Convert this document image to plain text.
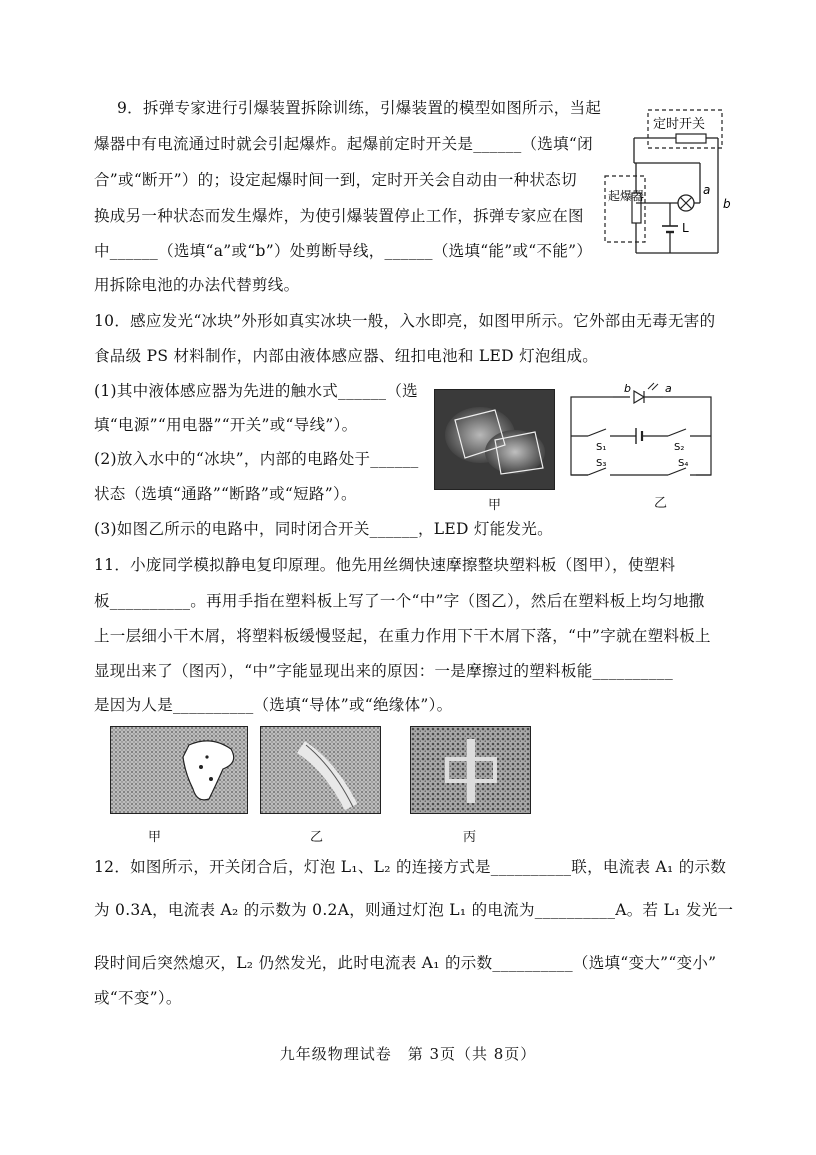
9．拆弹专家进行引爆装置拆除训练，引爆装置的模型如图所示，当起
爆器中有电流通过时就会引起爆炸。起爆前定时开关是______（选填“闭
合”或“断开”）的；设定起爆时间一到，定时开关会自动由一种状态切
换成另一种状态而发生爆炸，为使引爆装置停止工作，拆弹专家应在图
中______（选填“a”或“b”）处剪断导线，______（选填“能”或“不能”）
用拆除电池的办法代替剪线。
定时开关
a
b
起爆器
L
10．感应发光“冰块”外形如真实冰块一般，入水即亮，如图甲所示。它外部由无毒无害的
食品级 PS 材料制作，内部由液体感应器、纽扣电池和 LED 灯泡组成。
(1)其中液体感应器为先进的触水式______（选
填“电源”“用电器”“开关”或“导线”）。
(2)放入水中的“冰块”，内部的电路处于______
状态（选填“通路”“断路”或“短路”）。
(3)如图乙所示的电路中，同时闭合开关______，LED 灯能发光。
甲
b	a
S₁	S₂
S₃	S₄
乙
11．小庞同学模拟静电复印原理。他先用丝绸快速摩擦整块塑料板（图甲），使塑料
板__________。再用手指在塑料板上写了一个“中”字（图乙），然后在塑料板上均匀地撒
上一层细小干木屑，将塑料板缓慢竖起，在重力作用下干木屑下落，“中”字就在塑料板上
显现出来了（图丙），“中”字能显现出来的原因：一是摩擦过的塑料板能__________
是因为人是__________（选填“导体”或“绝缘体”）。
甲	乙	丙
12．如图所示，开关闭合后，灯泡 L₁、L₂ 的连接方式是__________联，电流表 A₁ 的示数
为 0.3A，电流表 A₂ 的示数为 0.2A，则通过灯泡 L₁ 的电流为__________A。若 L₁ 发光一
段时间后突然熄灭，L₂ 仍然发光，此时电流表 A₁ 的示数__________（选填“变大”“变小”
或“不变”）。
九年级物理试卷　第 3页（共 8页）
